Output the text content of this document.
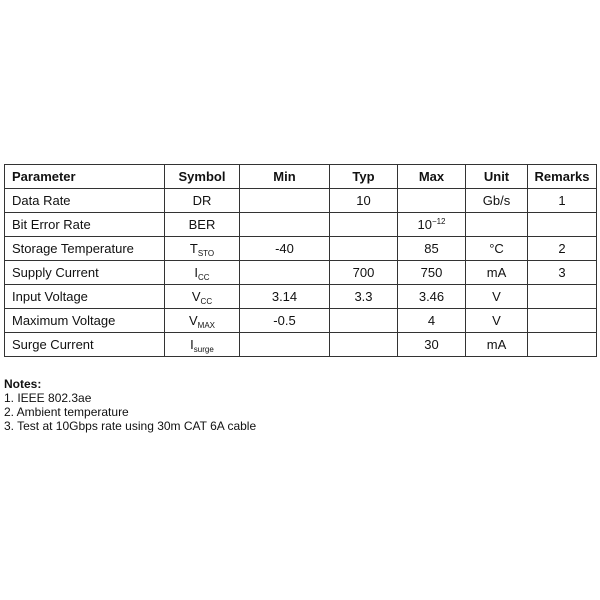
Parameter	Symbol	Min	Typ	Max	Unit	Remarks
Data Rate	DR		10		Gb/s	1
Bit Error Rate	BER			$10^{-12}$		
Storage Temperature	$T_{STO}$	-40		85	°C	2
Supply Current	$I_{CC}$		700	750	mA	3
Input Voltage	$V_{CC}$	3.14	3.3	3.46	V	
Maximum Voltage	$V_{MAX}$	-0.5		4	V	
Surge Current	$I_{surge}$			30	mA	
Notes:
1. IEEE 802.3ae
2. Ambient temperature
3. Test at 10Gbps rate using 30m CAT 6A cable
